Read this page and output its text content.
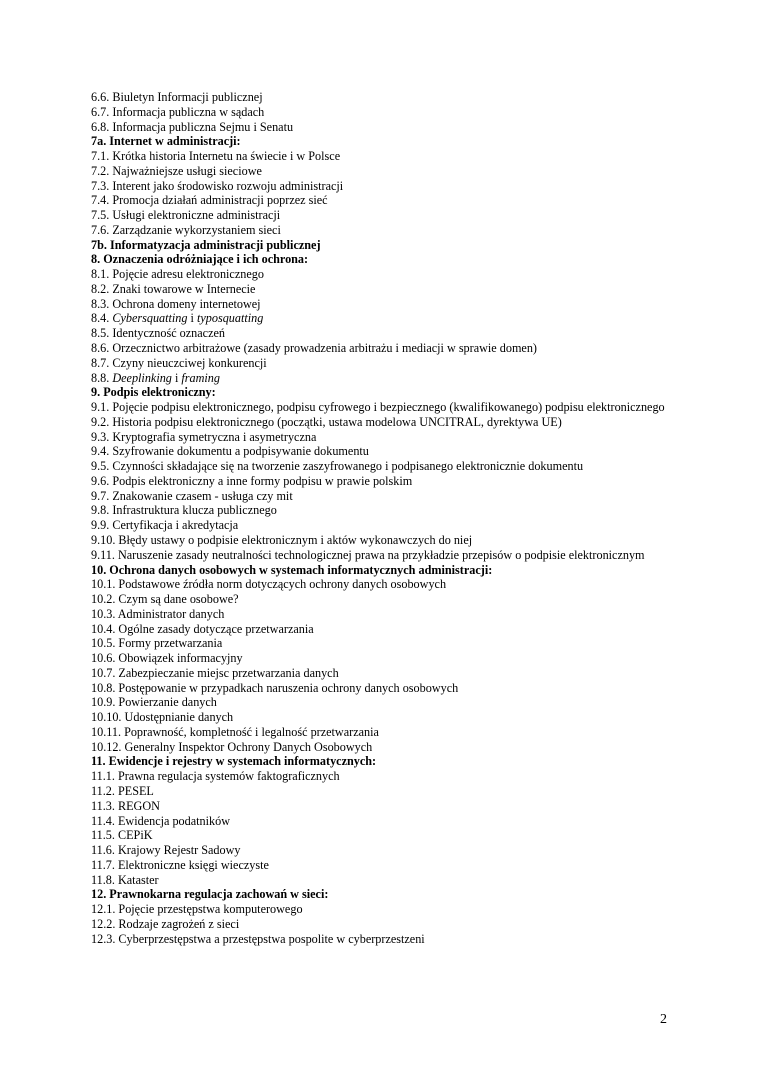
6.6. Biuletyn Informacji publicznej
6.7. Informacja publiczna w sądach
6.8. Informacja publiczna Sejmu i Senatu
7a. Internet w administracji:
7.1. Krótka historia Internetu na świecie i w Polsce
7.2. Najważniejsze usługi sieciowe
7.3. Interent jako środowisko rozwoju administracji
7.4. Promocja działań administracji poprzez sieć
7.5. Usługi elektroniczne administracji
7.6. Zarządzanie wykorzystaniem sieci
7b. Informatyzacja administracji publicznej
8. Oznaczenia odróżniające i ich ochrona:
8.1. Pojęcie adresu elektronicznego
8.2. Znaki towarowe w Internecie
8.3. Ochrona domeny internetowej
8.4. Cybersquatting i typosquatting
8.5. Identyczność oznaczeń
8.6. Orzecznictwo arbitrażowe (zasady prowadzenia arbitrażu i mediacji w sprawie domen)
8.7. Czyny nieuczciwej konkurencji
8.8. Deeplinking i framing
9. Podpis elektroniczny:
9.1. Pojęcie podpisu elektronicznego, podpisu cyfrowego i bezpiecznego (kwalifikowanego) podpisu elektronicznego
9.2. Historia podpisu elektronicznego (początki, ustawa modelowa UNCITRAL, dyrektywa UE)
9.3. Kryptografia symetryczna i asymetryczna
9.4. Szyfrowanie dokumentu a podpisywanie dokumentu
9.5. Czynności składające się na tworzenie zaszyfrowanego i podpisanego elektronicznie dokumentu
9.6. Podpis elektroniczny a inne formy podpisu w prawie polskim
9.7. Znakowanie czasem - usługa czy mit
9.8. Infrastruktura klucza publicznego
9.9. Certyfikacja i akredytacja
9.10. Błędy ustawy o podpisie elektronicznym i aktów wykonawczych do niej
9.11. Naruszenie zasady neutralności technologicznej prawa na przykładzie przepisów o podpisie elektronicznym
10. Ochrona danych osobowych w systemach informatycznych administracji:
10.1. Podstawowe źródła norm dotyczących ochrony danych osobowych
10.2. Czym są dane osobowe?
10.3. Administrator danych
10.4. Ogólne zasady dotyczące przetwarzania
10.5. Formy przetwarzania
10.6. Obowiązek informacyjny
10.7. Zabezpieczanie miejsc przetwarzania danych
10.8. Postępowanie w przypadkach naruszenia ochrony danych osobowych
10.9. Powierzanie danych
10.10. Udostępnianie danych
10.11. Poprawność, kompletność i legalność przetwarzania
10.12. Generalny Inspektor Ochrony Danych Osobowych
11. Ewidencje i rejestry w systemach informatycznych:
11.1. Prawna regulacja systemów faktograficznych
11.2. PESEL
11.3. REGON
11.4. Ewidencja podatników
11.5. CEPiK
11.6. Krajowy Rejestr Sadowy
11.7. Elektroniczne księgi wieczyste
11.8. Kataster
12. Prawnokarna regulacja zachowań w sieci:
12.1. Pojęcie przestępstwa komputerowego
12.2. Rodzaje zagrożeń z sieci
12.3. Cyberprzestępstwa a przestępstwa pospolite w cyberprzestzeni
2
